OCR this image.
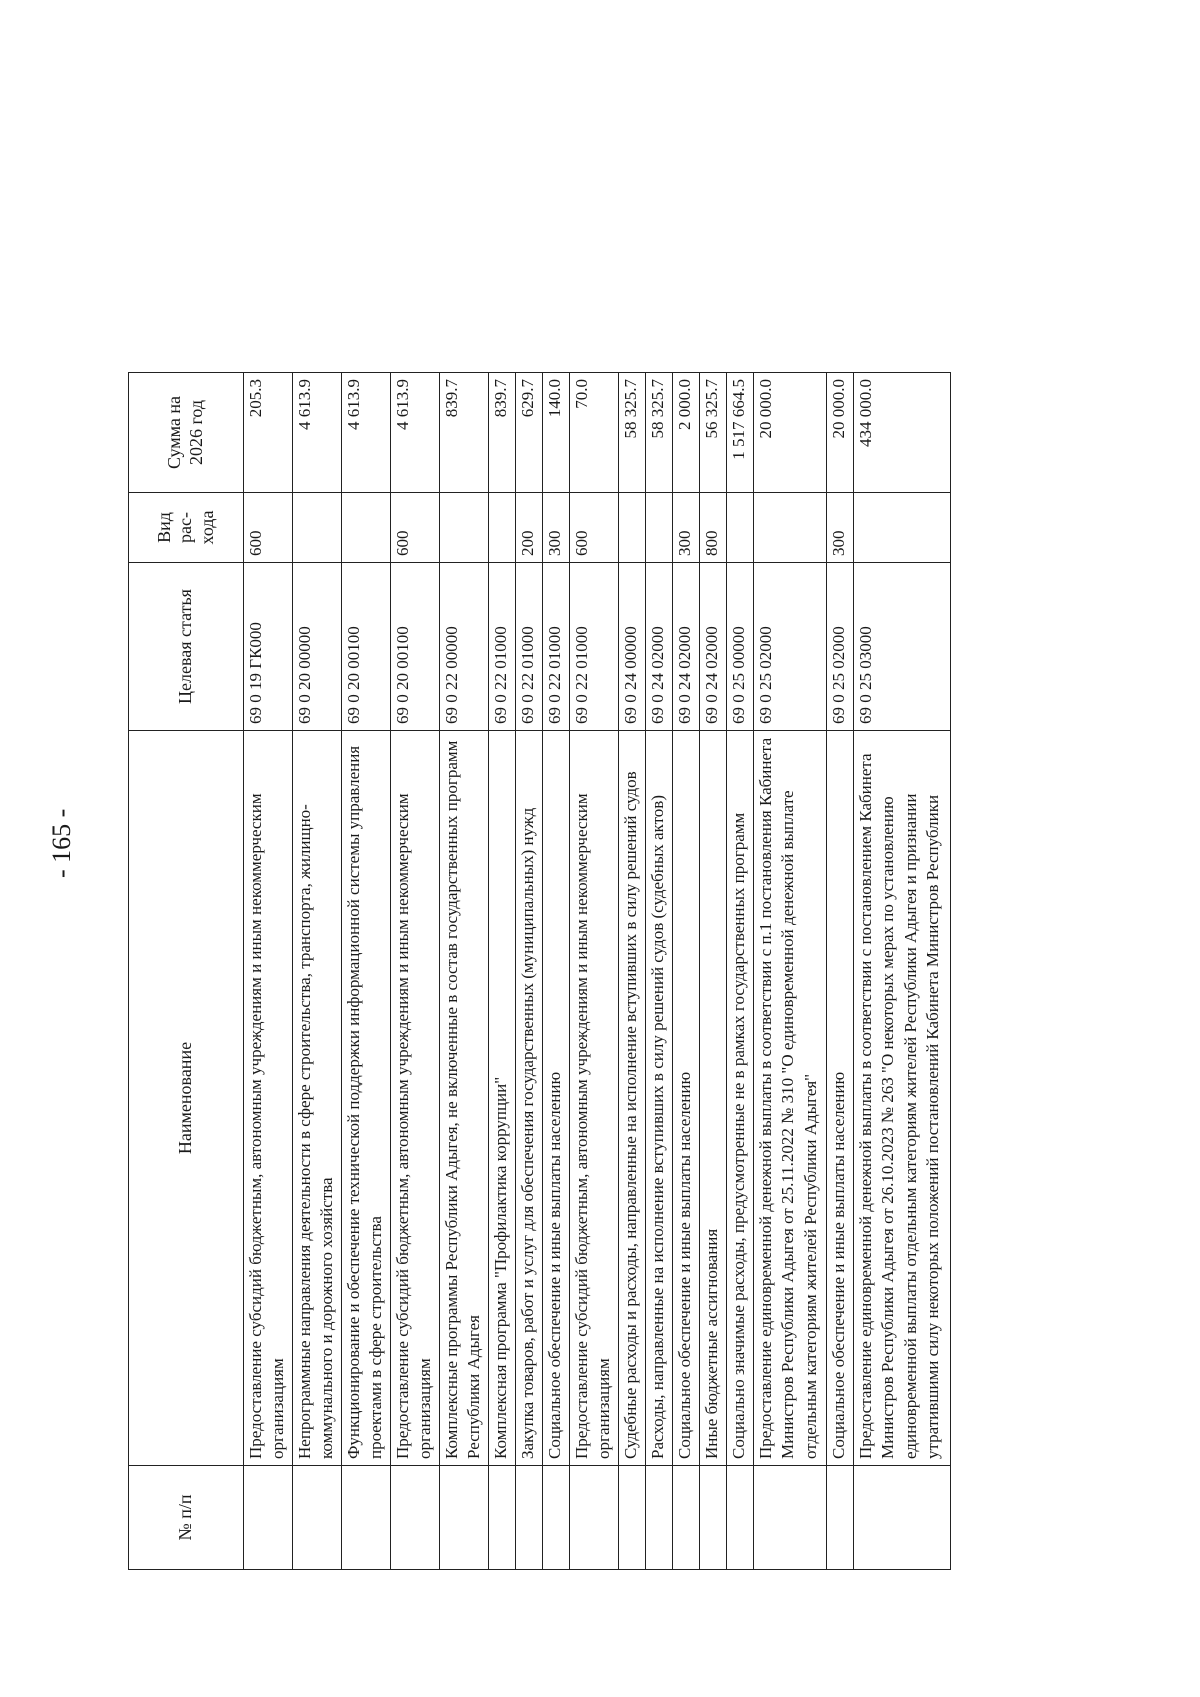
- 165 -
№ п/п	Наименование	Целевая статья	Вид рас- хода	Сумма на 2026 год	
	Предоставление субсидий бюджетным, автономным учреждениям и иным некоммерческим организациям	69 0 19 ГК000	600	205.3	
	Непрограммные направления деятельности в сфере строительства, транспорта, жилищно-коммунального и дорожного хозяйства	69 0 20 00000		4 613.9	
	Функционирование и обеспечение технической поддержки информационной системы управления проектами в сфере строительства	69 0 20 00100		4 613.9	
	Предоставление субсидий бюджетным, автономным учреждениям и иным некоммерческим организациям	69 0 20 00100	600	4 613.9	
	Комплексные программы Республики Адыгея, не включенные в состав государственных программ Республики Адыгея	69 0 22 00000		839.7	
	Комплексная программа "Профилактика коррупции"	69 0 22 01000		839.7	
	Закупка товаров, работ и услуг для обеспечения государственных (муниципальных) нужд	69 0 22 01000	200	629.7	
	Социальное обеспечение и иные выплаты населению	69 0 22 01000	300	140.0	
	Предоставление субсидий бюджетным, автономным учреждениям и иным некоммерческим организациям	69 0 22 01000	600	70.0	
	Судебные расходы и расходы, направленные на исполнение вступивших в силу решений судов	69 0 24 00000		58 325.7	
	Расходы, направленные на исполнение вступивших в силу решений судов (судебных актов)	69 0 24 02000		58 325.7	
	Социальное обеспечение и иные выплаты населению	69 0 24 02000	300	2 000.0	
	Иные бюджетные ассигнования	69 0 24 02000	800	56 325.7	
	Социально значимые расходы, предусмотренные не в рамках государственных программ	69 0 25 00000		1 517 664.5	
	Предоставление единовременной денежной выплаты в соответствии с п.1 постановления Кабинета Министров Республики Адыгея от 25.11.2022 № 310 "О единовременной денежной выплате отдельным категориям жителей Республики Адыгея"	69 0 25 02000		20 000.0	
	Социальное обеспечение и иные выплаты населению	69 0 25 02000	300	20 000.0	
	Предоставление единовременной денежной выплаты в соответствии с постановлением Кабинета Министров Республики Адыгея от 26.10.2023 № 263 "О некоторых мерах по установлению единовременной выплаты отдельным категориям жителей Республики Адыгея и признании утратившими силу некоторых положений постановлений Кабинета Министров Республики	69 0 25 03000		434 000.0	
